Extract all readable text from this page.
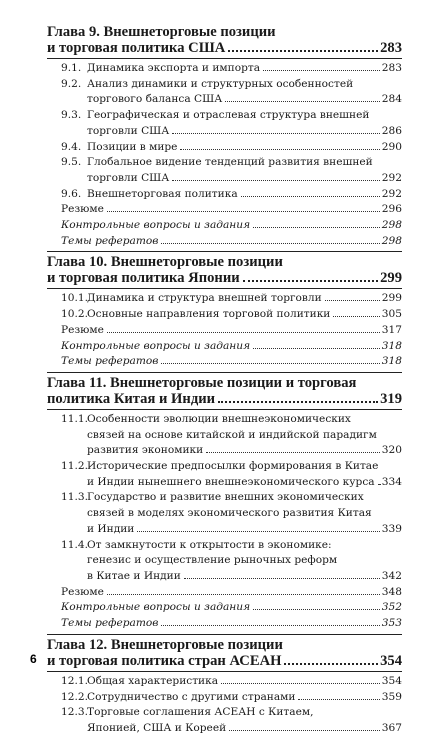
Глава 9. Внешнеторговые позиции
и торговая политика США	283
9.1. Динамика экспорта и импорта	283
9.2. Анализ динамики и структурных особенностей
торгового баланса США	284
9.3. Географическая и отраслевая структура внешней
торговли США	286
9.4. Позиции в мире	290
9.5. Глобальное видение тенденций развития внешней
торговли США	292
9.6. Внешнеторговая политика	292
Резюме	296
Контрольные вопросы и задания	298
Темы рефератов	298
Глава 10. Внешнеторговые позиции
и торговая политика Японии	299
10.1. Динамика и структура внешней торговли	299
10.2. Основные направления торговой политики	305
Резюме	317
Контрольные вопросы и задания	318
Темы рефератов	318
Глава 11. Внешнеторговые позиции и торговая
политика Китая и Индии	319
11.1. Особенности эволюции внешнеэкономических
связей на основе китайской и индийской парадигм
развития экономики	320
11.2. Исторические предпосылки формирования в Китае
и Индии нынешнего внешнеэкономического курса 334
11.3. Государство и развитие внешних экономических
связей в моделях экономического развития Китая
и Индии	339
11.4. От замкнутости к открытости в экономике:
генезис и осуществление рыночных реформ
в Китае и Индии	342
Резюме	348
Контрольные вопросы и задания	352
Темы рефератов	353
Глава 12. Внешнеторговые позиции
и торговая политика стран АСЕАН	354
12.1. Общая характеристика	354
12.2. Сотрудничество с другими странами	359
12.3. Торговые соглашения АСЕАН с Китаем,
Японией, США и Кореей	367
6
